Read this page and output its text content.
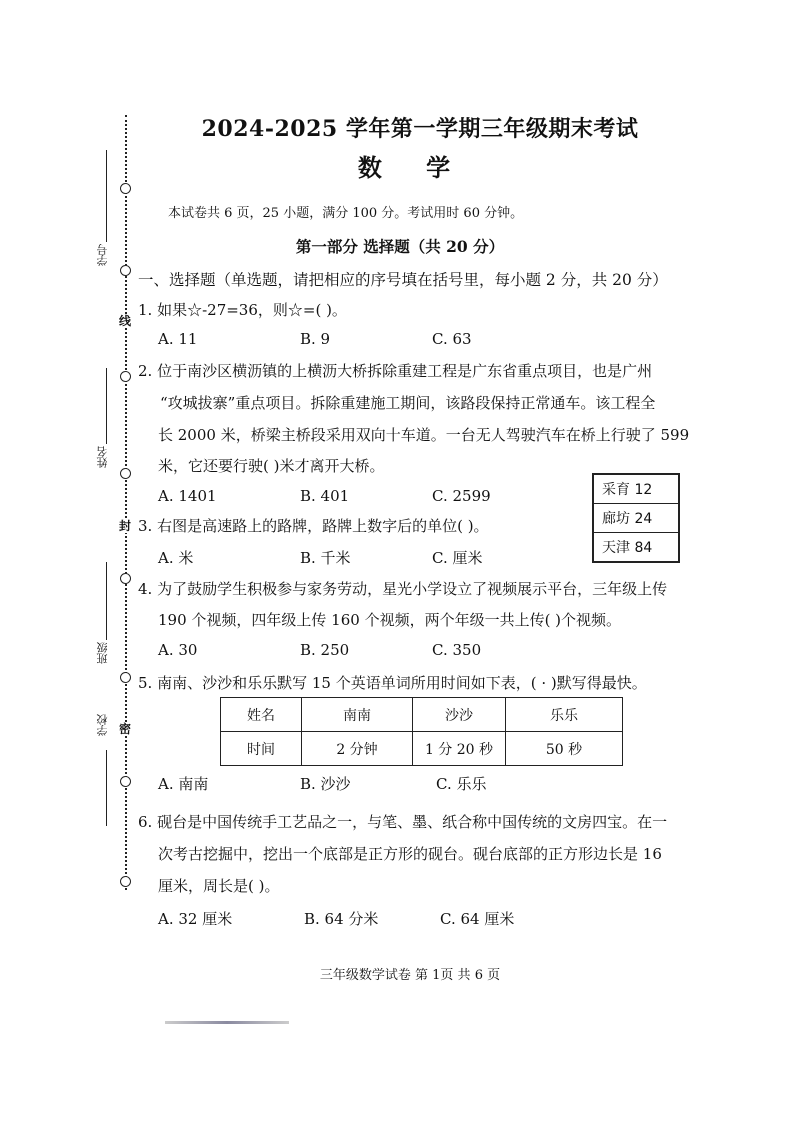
线
封
密
学号
姓名
班级
学校
2024-2025 学年第一学期三年级期末考试
数 学
本试卷共 6 页，25 小题，满分 100 分。考试用时 60 分钟。
第一部分 选择题（共 20 分）
一、选择题（单选题，请把相应的序号填在括号里，每小题 2 分，共 20 分）
1. 如果☆-27=36，则☆=( )。
A. 11	B. 9	C. 63
2. 位于南沙区横沥镇的上横沥大桥拆除重建工程是广东省重点项目，也是广州
“攻城拔寨”重点项目。拆除重建施工期间，该路段保持正常通车。该工程全
长 2000 米，桥梁主桥段采用双向十车道。一台无人驾驶汽车在桥上行驶了 599
米，它还要行驶( )米才离开大桥。
A. 1401	B. 401	C. 2599	采育 12
廊坊 24
天津 84
3. 右图是高速路上的路牌，路牌上数字后的单位( )。
A. 米	B. 千米	C. 厘米
4. 为了鼓励学生积极参与家务劳动，星光小学设立了视频展示平台，三年级上传
190 个视频，四年级上传 160 个视频，两个年级一共上传( )个视频。
A. 30	B. 250	C. 350
5. 南南、沙沙和乐乐默写 15 个英语单词所用时间如下表，( · )默写得最快。
姓名	南南	沙沙	乐乐
时间	2 分钟	1 分 20 秒	50 秒
A. 南南	B. 沙沙	C. 乐乐
6. 砚台是中国传统手工艺品之一，与笔、墨、纸合称中国传统的文房四宝。在一
次考古挖掘中，挖出一个底部是正方形的砚台。砚台底部的正方形边长是 16
厘米，周长是( )。
A. 32 厘米	B. 64 分米	C. 64 厘米
三年级数学试卷 第 1页 共 6 页
